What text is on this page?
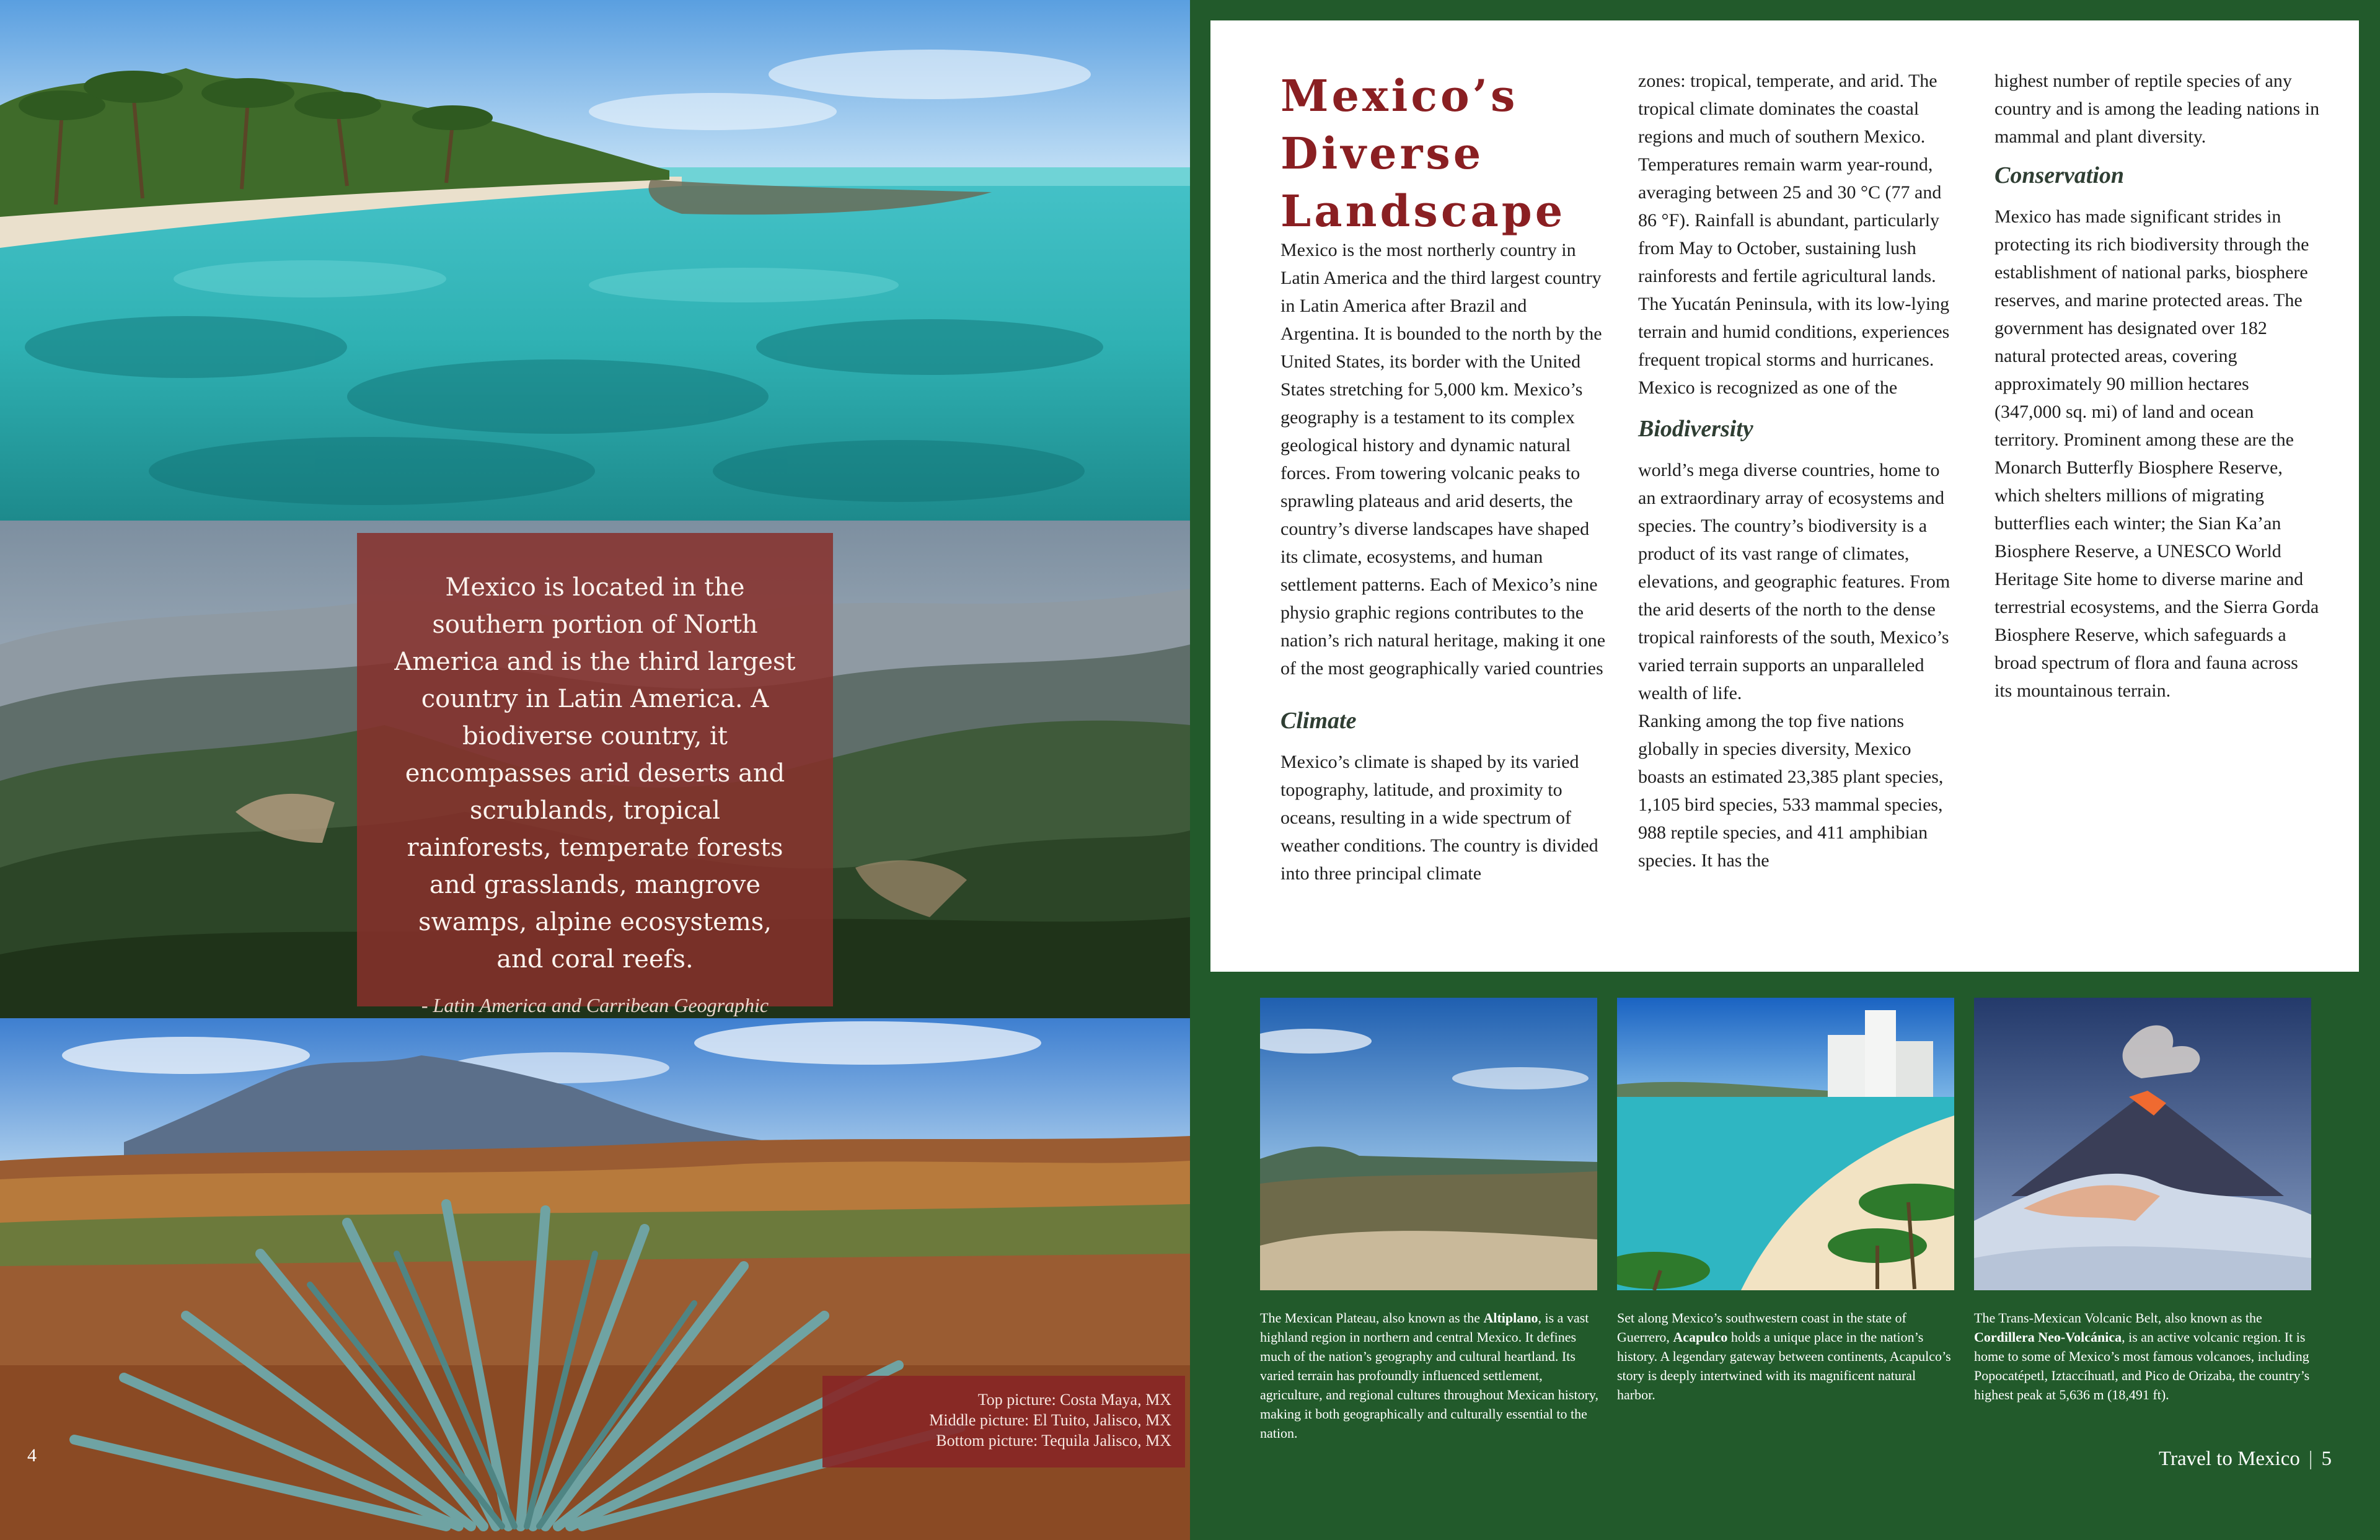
Mexico is located in the southern portion of North America and is the third largest country in Latin America. A biodiverse country, it encompasses arid deserts and scrublands, tropical rainforests, temperate forests and grasslands, mangrove swamps, alpine ecosystems, and coral reefs.
- Latin America and Carribean Geographic
Top picture: Costa Maya, MX
Middle picture: El Tuito, Jalisco, MX
Bottom picture: Tequila Jalisco, MX
4
Mexico’s Diverse Landscape

Mexico is the most northerly country in Latin America and the third largest country in Latin America after Brazil and Argentina. It is bounded to the north by the United States, its border with the United States stretching for 5,000 km. Mexico’s geography is a testament to its complex geological history and dynamic natural forces. From towering volcanic peaks to sprawling plateaus and arid deserts, the country’s diverse landscapes have shaped its climate, ecosystems, and human settlement patterns. Each of Mexico’s nine physio graphic regions contributes to the nation’s rich natural heritage, making it one of the most geographically varied countries

Climate

Mexico’s climate is shaped by its varied topography, latitude, and proximity to oceans, resulting in a wide spectrum of weather conditions. The country is divided into three principal climate

zones: tropical, temperate, and arid. The tropical climate dominates the coastal regions and much of southern Mexico. Temperatures remain warm year-round, averaging between 25 and 30 °C (77 and 86 °F). Rainfall is abundant, particularly from May to October, sustaining lush rainforests and fertile agricultural lands. The Yucatán Peninsula, with its low-lying terrain and humid conditions, experiences frequent tropical storms and hurricanes.

Mexico is recognized as one of the

Biodiversity

world’s mega diverse countries, home to an extraordinary array of ecosystems and species. The country’s biodiversity is a product of its vast range of climates, elevations, and geographic features. From the arid deserts of the north to the dense tropical rainforests of the south, Mexico’s varied terrain supports an unparalleled wealth of life.

Ranking among the top five nations globally in species diversity, Mexico boasts an estimated 23,385 plant species, 1,105 bird species, 533 mammal species, 988 reptile species, and 411 amphibian species. It has the

highest number of reptile species of any country and is among the leading nations in mammal and plant diversity.

Conservation

Mexico has made significant strides in protecting its rich biodiversity through the establishment of national parks, biosphere reserves, and marine protected areas. The government has designated over 182 natural protected areas, covering approximately 90 million hectares (347,000 sq. mi) of land and ocean territory. Prominent among these are the Monarch Butterfly Biosphere Reserve, which shelters millions of migrating butterflies each winter; the Sian Ka’an Biosphere Reserve, a UNESCO World Heritage Site home to diverse marine and terrestrial ecosystems, and the Sierra Gorda Biosphere Reserve, which safeguards a broad spectrum of flora and fauna across its mountainous terrain.

The Mexican Plateau, also known as the Altiplano, is a vast highland region in northern and central Mexico. It defines much of the nation’s geography and cultural heartland. Its varied terrain has profoundly influenced settlement, agriculture, and regional cultures throughout Mexican history, making it both geographically and culturally essential to the nation.

Set along Mexico’s southwestern coast in the state of Guerrero, Acapulco holds a unique place in the nation’s history. A legendary gateway between continents, Acapulco’s story is deeply intertwined with its magnificent natural harbor.

The Trans-Mexican Volcanic Belt, also known as the Cordillera Neo-Volcánica, is an active volcanic region. It is home to some of Mexico’s most famous volcanoes, including Popocatépetl, Iztaccíhuatl, and Pico de Orizaba, the country’s highest peak at 5,636 m (18,491 ft).

Travel to Mexico | 5
